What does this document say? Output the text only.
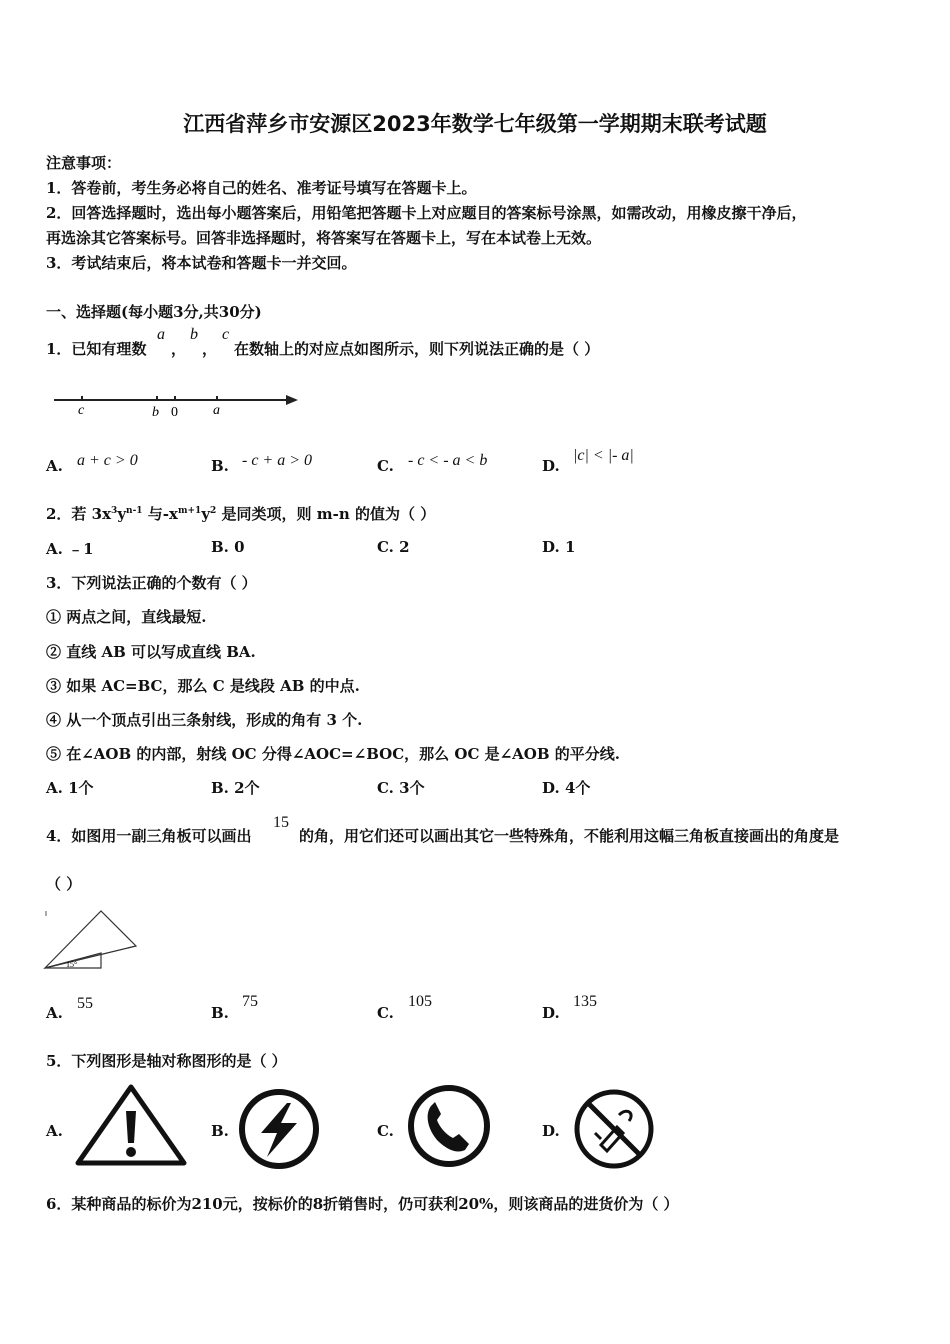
江西省萍乡市安源区2023年数学七年级第一学期期末联考试题
注意事项：
1．答卷前，考生务必将自己的姓名、准考证号填写在答题卡上。
2．回答选择题时，选出每小题答案后，用铅笔把答题卡上对应题目的答案标号涂黑，如需改动，用橡皮擦干净后，
再选涂其它答案标号。回答非选择题时，将答案写在答题卡上，写在本试卷上无效。
3．考试结束后，将本试卷和答题卡一并交回。
一、选择题(每小题3分,共30分)
1．已知有理数
a
，
b
，
c
在数轴上的对应点如图所示，则下列说法正确的是（ ）
c	b 0	a
A. a + c > 0	B. - c + a > 0	C. - c < - a < b	D.
|c| < |- a|
2．若 $3x^3y^{n-1}$ 与$-x^{m+1}y^2$ 是同类项，则 m-n 的值为（ ）
A. ﹣1	B. 0	C. 2	D. 1
3．下列说法正确的个数有（ ）
① 两点之间，直线最短.
② 直线 AB 可以写成直线 BA.
③ 如果 AC=BC，那么 C 是线段 AB 的中点.
④ 从一个顶点引出三条射线，形成的角有 3 个.
⑤ 在∠AOB 的内部，射线 OC 分得∠AOC=∠BOC，那么 OC 是∠AOB 的平分线.
A. 1个	B. 2个	C. 3个	D. 4个
4．如图用一副三角板可以画出
15
的角，用它们还可以画出其它一些特殊角，不能利用这幅三角板直接画出的角度是
（ ）
15°
A.
55
B.
75
C.
105
D.
135
5．下列图形是轴对称图形的是（ ）
A.	B.	C.	D.
6．某种商品的标价为210元，按标价的8折销售时，仍可获利20%，则该商品的进货价为（ ）
